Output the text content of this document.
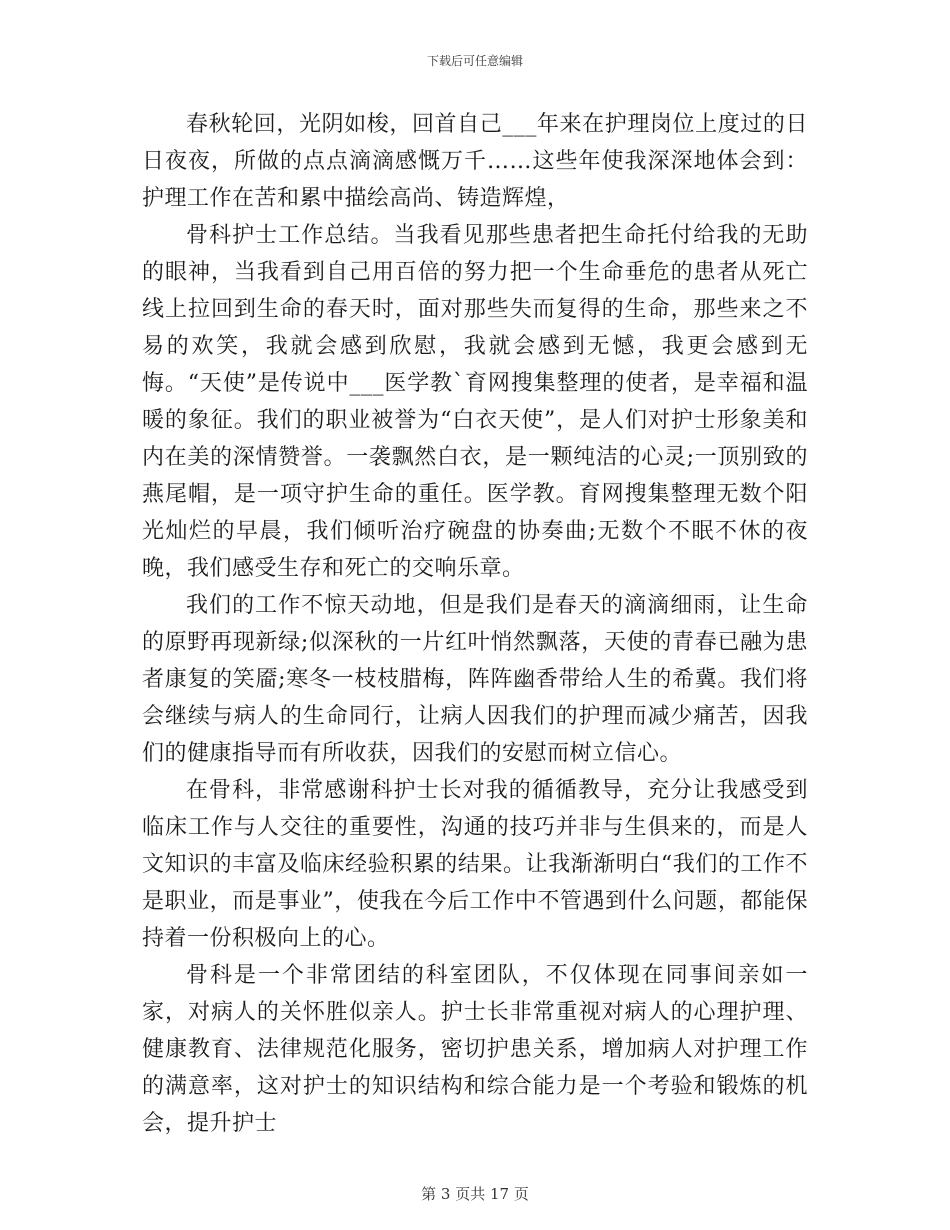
下载后可任意编辑

春秋轮回，光阴如梭，回首自己___年来在护理岗位上度过的日日夜夜，所做的点点滴滴感慨万千……这些年使我深深地体会到：护理工作在苦和累中描绘高尚、铸造辉煌，

骨科护士工作总结。当我看见那些患者把生命托付给我的无助的眼神，当我看到自己用百倍的努力把一个生命垂危的患者从死亡线上拉回到生命的春天时，面对那些失而复得的生命，那些来之不易的欢笑，我就会感到欣慰，我就会感到无憾，我更会感到无悔。“天使”是传说中___医学教`育网搜集整理的使者，是幸福和温暖的象征。我们的职业被誉为“白衣天使”，是人们对护士形象美和内在美的深情赞誉。一袭飘然白衣，是一颗纯洁的心灵;一顶别致的燕尾帽，是一项守护生命的重任。医学教。育网搜集整理无数个阳光灿烂的早晨，我们倾听治疗碗盘的协奏曲;无数个不眠不休的夜晚，我们感受生存和死亡的交响乐章。

我们的工作不惊天动地，但是我们是春天的滴滴细雨，让生命的原野再现新绿;似深秋的一片红叶悄然飘落，天使的青春已融为患者康复的笑靥;寒冬一枝枝腊梅，阵阵幽香带给人生的希冀。我们将会继续与病人的生命同行，让病人因我们的护理而减少痛苦，因我们的健康指导而有所收获，因我们的安慰而树立信心。

在骨科，非常感谢科护士长对我的循循教导，充分让我感受到临床工作与人交往的重要性，沟通的技巧并非与生俱来的，而是人文知识的丰富及临床经验积累的结果。让我渐渐明白“我们的工作不是职业，而是事业”，使我在今后工作中不管遇到什么问题，都能保持着一份积极向上的心。

骨科是一个非常团结的科室团队，不仅体现在同事间亲如一家，对病人的关怀胜似亲人。护士长非常重视对病人的心理护理、健康教育、法律规范化服务，密切护患关系，增加病人对护理工作的满意率，这对护士的知识结构和综合能力是一个考验和锻炼的机会，提升护士

第 3 页共 17 页
